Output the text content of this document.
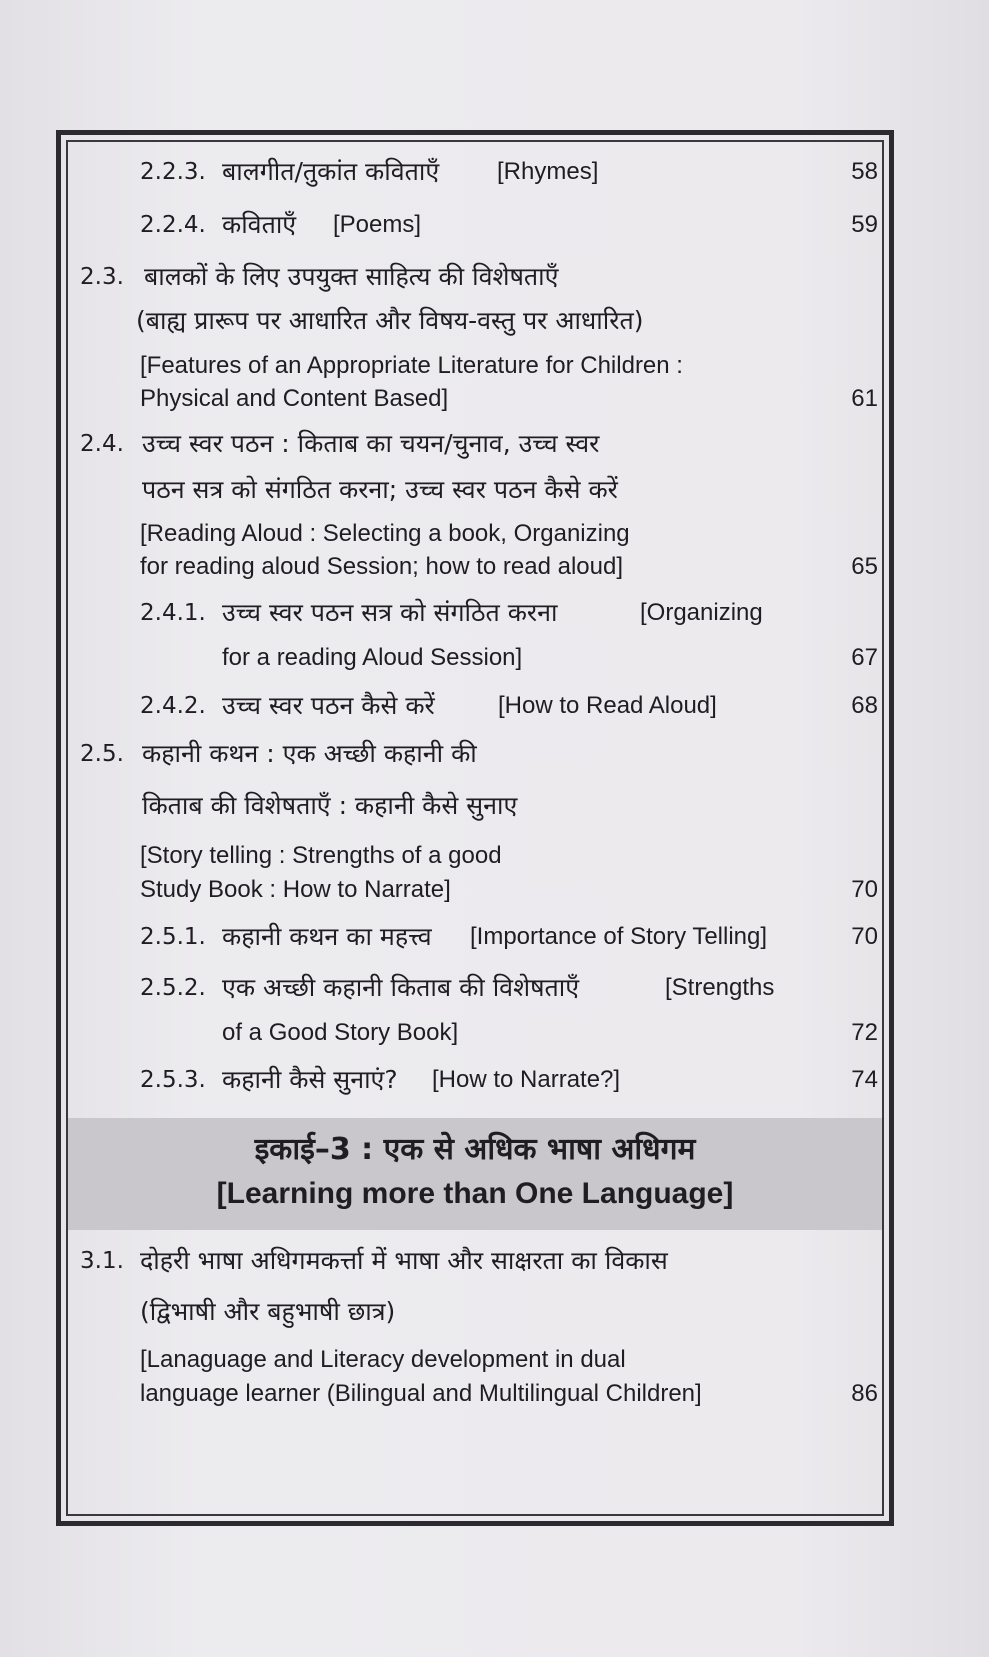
2.2.3. बालगीत/तुकांत कविताएँ [Rhymes]	58
2.2.4. कविताएँ [Poems]	59
2.3. बालकों के लिए उपयुक्त साहित्य की विशेषताएँ
(बाह्य प्रारूप पर आधारित और विषय-वस्तु पर आधारित)
[Features of an Appropriate Literature for Children :
Physical and Content Based]	61
2.4. उच्च स्वर पठन : किताब का चयन/चुनाव, उच्च स्वर
पठन सत्र को संगठित करना; उच्च स्वर पठन कैसे करें
[Reading Aloud : Selecting a book, Organizing
for reading aloud Session; how to read aloud]	65
2.4.1. उच्च स्वर पठन सत्र को संगठित करना	[Organizing
for a reading Aloud Session]	67
2.4.2. उच्च स्वर पठन कैसे करें	[How to Read Aloud]	68
2.5. कहानी कथन : एक अच्छी कहानी की
किताब की विशेषताएँ : कहानी कैसे सुनाए
[Story telling : Strengths of a good
Study Book : How to Narrate]	70
2.5.1. कहानी कथन का महत्त्व [Importance of Story Telling]	70
2.5.2. एक अच्छी कहानी किताब की विशेषताएँ	[Strengths
of a Good Story Book]	72
2.5.3. कहानी कैसे सुनाएं? [How to Narrate?]	74
इकाई–3 : एक से अधिक भाषा अधिगम
[Learning more than One Language]
3.1. दोहरी भाषा अधिगमकर्त्ता में भाषा और साक्षरता का विकास
(द्विभाषी और बहुभाषी छात्र)
[Lanaguage and Literacy development in dual
language learner (Bilingual and Multilingual Children]	86
